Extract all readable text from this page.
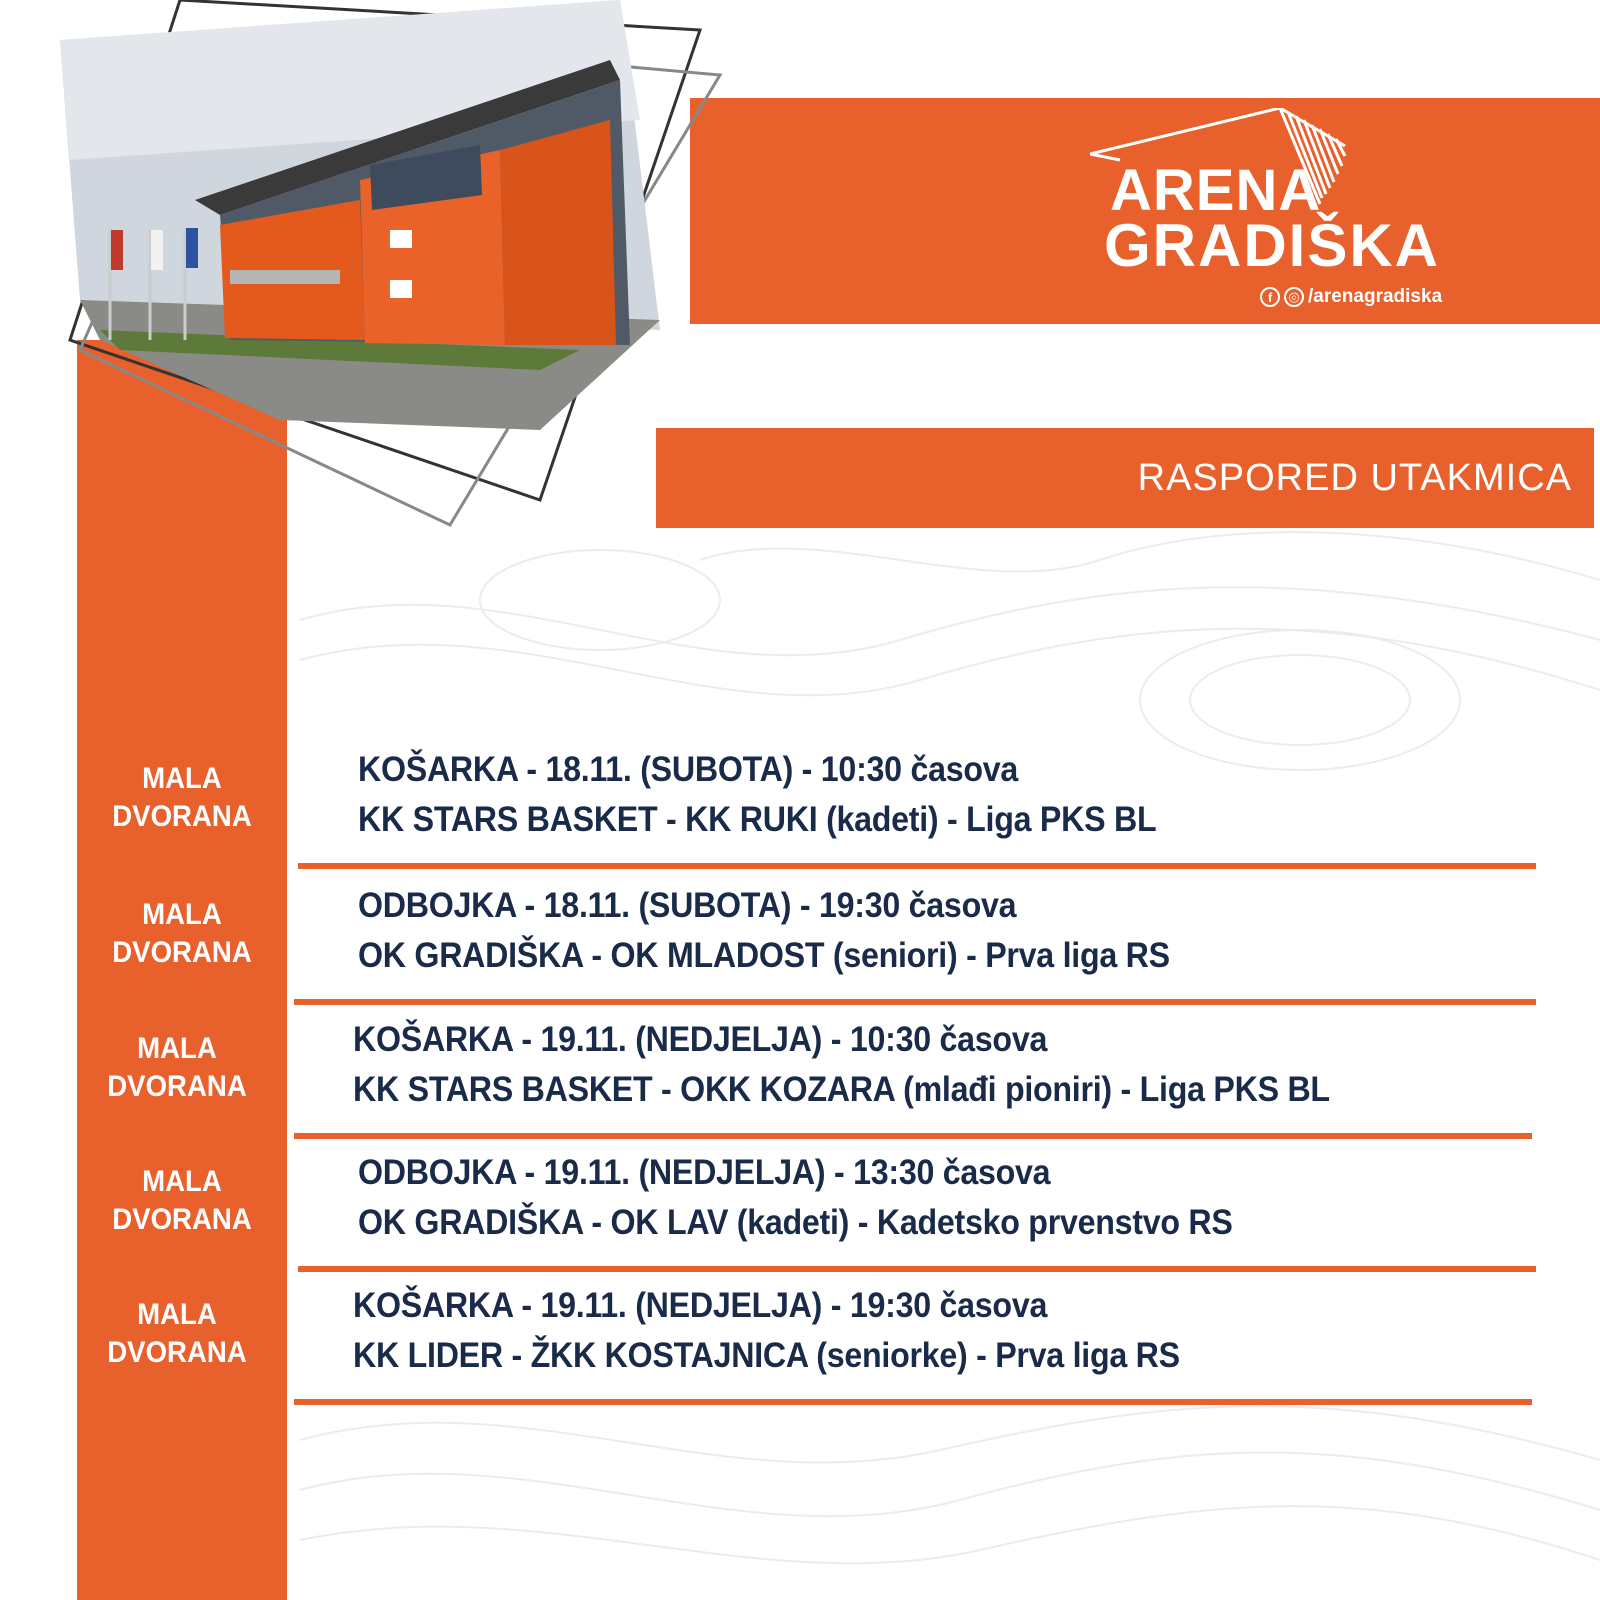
ARENA
GRADIŠKA
f	◎ /arenagradiska
RASPORED UTAKMICA
MALA
DVORANA
KOŠARKA - 18.11. (SUBOTA) - 10:30 časova
KK STARS BASKET - KK RUKI (kadeti) - Liga PKS BL
MALA
DVORANA
ODBOJKA - 18.11. (SUBOTA) - 19:30 časova
OK GRADIŠKA - OK MLADOST (seniori) - Prva liga RS
MALA
DVORANA
KOŠARKA - 19.11. (NEDJELJA) - 10:30 časova
KK STARS BASKET - OKK KOZARA (mlađi pioniri) - Liga PKS BL
MALA
DVORANA
ODBOJKA - 19.11. (NEDJELJA) - 13:30 časova
OK GRADIŠKA - OK LAV (kadeti) - Kadetsko prvenstvo RS
MALA
DVORANA
KOŠARKA - 19.11. (NEDJELJA) - 19:30 časova
KK LIDER - ŽKK KOSTAJNICA (seniorke) - Prva liga RS
